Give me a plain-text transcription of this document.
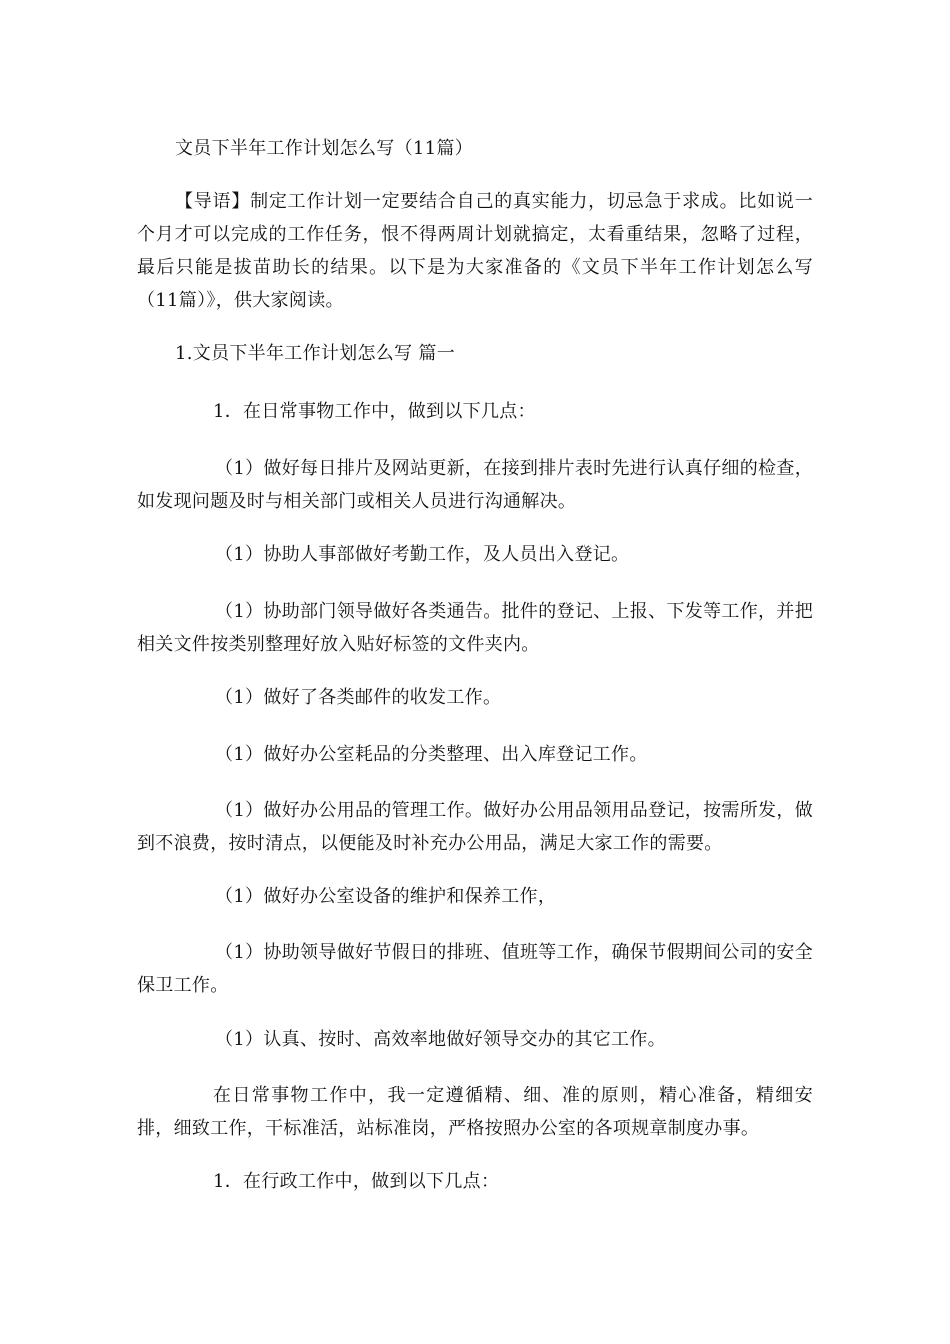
文员下半年工作计划怎么写（11篇）

【导语】制定工作计划一定要结合自己的真实能力，切忌急于求成。比如说一个月才可以完成的工作任务，恨不得两周计划就搞定，太看重结果，忽略了过程，最后只能是拔苗助长的结果。以下是为大家准备的《文员下半年工作计划怎么写（11篇）》，供大家阅读。

1.文员下半年工作计划怎么写 篇一

1．在日常事物工作中，做到以下几点：

（1）做好每日排片及网站更新，在接到排片表时先进行认真仔细的检查，如发现问题及时与相关部门或相关人员进行沟通解决。

（1）协助人事部做好考勤工作，及人员出入登记。

（1）协助部门领导做好各类通告。批件的登记、上报、下发等工作，并把相关文件按类别整理好放入贴好标签的文件夹内。

（1）做好了各类邮件的收发工作。

（1）做好办公室耗品的分类整理、出入库登记工作。

（1）做好办公用品的管理工作。做好办公用品领用品登记，按需所发，做到不浪费，按时清点，以便能及时补充办公用品，满足大家工作的需要。

（1）做好办公室设备的维护和保养工作，

（1）协助领导做好节假日的排班、值班等工作，确保节假期间公司的安全保卫工作。

（1）认真、按时、高效率地做好领导交办的其它工作。

在日常事物工作中，我一定遵循精、细、准的原则，精心准备，精细安排，细致工作，干标准活，站标准岗，严格按照办公室的各项规章制度办事。

1．在行政工作中，做到以下几点：
